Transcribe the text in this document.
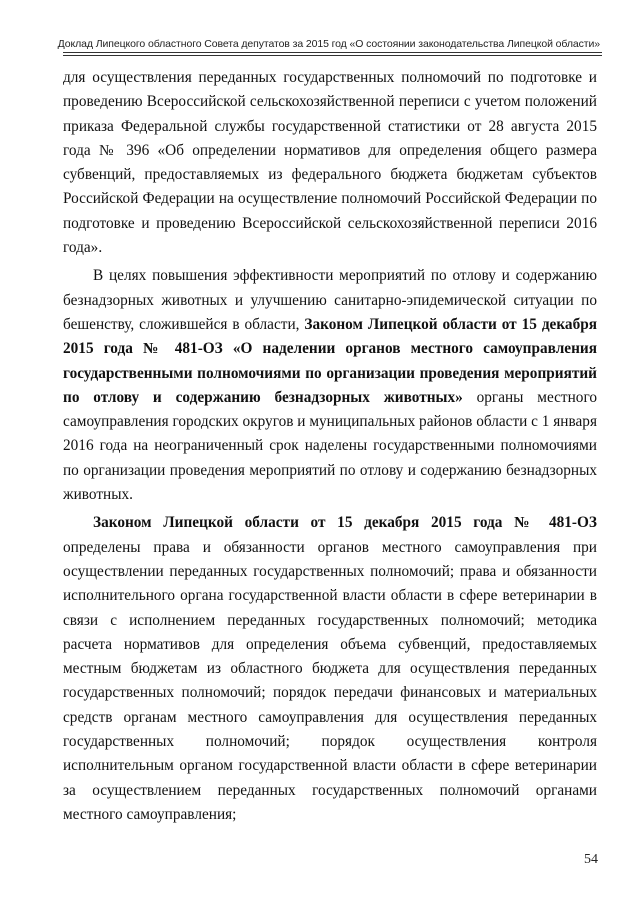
Доклад Липецкого областного Совета депутатов за 2015 год «О состоянии законодательства Липецкой области»

для осуществления переданных государственных полномочий по подготовке и проведению Всероссийской сельскохозяйственной переписи с учетом положений приказа Федеральной службы государственной статистики от 28 августа 2015 года № 396 «Об определении нормативов для определения общего размера субвенций, предоставляемых из федерального бюджета бюджетам субъектов Российской Федерации на осуществление полномочий Российской Федерации по подготовке и проведению Всероссийской сельскохозяйственной переписи 2016 года».

В целях повышения эффективности мероприятий по отлову и содержанию безнадзорных животных и улучшению санитарно-эпидемической ситуации по бешенству, сложившейся в области, Законом Липецкой области от 15 декабря 2015 года № 481-ОЗ «О наделении органов местного самоуправления государственными полномочиями по организации проведения мероприятий по отлову и содержанию безнадзорных животных» органы местного самоуправления городских округов и муниципальных районов области с 1 января 2016 года на неограниченный срок наделены государственными полномочиями по организации проведения мероприятий по отлову и содержанию безнадзорных животных.

Законом Липецкой области от 15 декабря 2015 года № 481-ОЗ определены права и обязанности органов местного самоуправления при осуществлении переданных государственных полномочий; права и обязанности исполнительного органа государственной власти области в сфере ветеринарии в связи с исполнением переданных государственных полномочий; методика расчета нормативов для определения объема субвенций, предоставляемых местным бюджетам из областного бюджета для осуществления переданных государственных полномочий; порядок передачи финансовых и материальных средств органам местного самоуправления для осуществления переданных государственных полномочий; порядок осуществления контроля исполнительным органом государственной власти области в сфере ветеринарии за осуществлением переданных государственных полномочий органами местного самоуправления;

54
